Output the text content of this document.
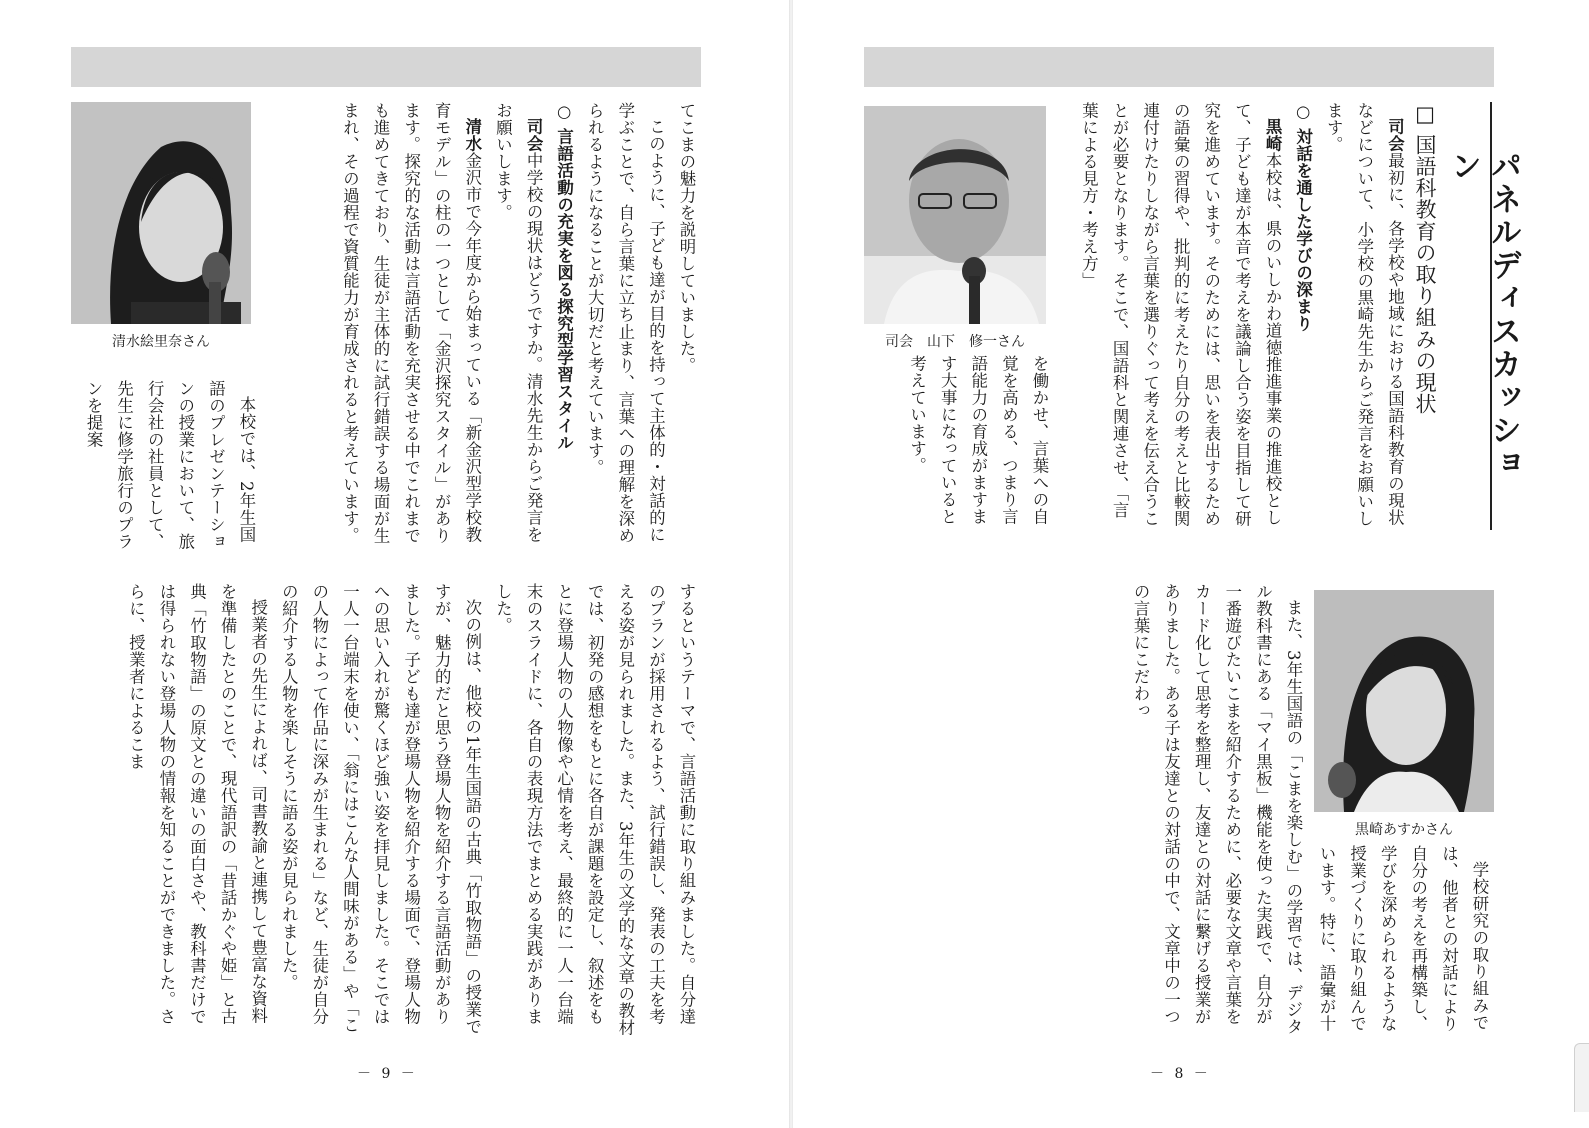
てこまの魅力を説明していました。
このように、子ども達が目的を持って主体的・対話的に学ぶことで、自ら言葉に立ち止まり、言葉への理解を深められるようになることが大切だと考えています。
○ 言語活動の充実を図る探究型学習スタイル
司会中学校の現状はどうですか。清水先生からご発言をお願いします。
清水金沢市で今年度から始まっている「新金沢型学校教育モデル」の柱の一つとして「金沢探究スタイル」があります。探究的な活動は言語活動を充実させる中でこれまでも進めてきており、生徒が主体的に試行錯誤する場面が生まれ、その過程で資質能力が育成されると考えています。
本校では、2年生国語のプレゼンテーションの授業において、旅行会社の社員として、先生に修学旅行のプランを提案
清水絵里奈さん
するというテーマで、言語活動に取り組みました。自分達のプランが採用されるよう、試行錯誤し、発表の工夫を考える姿が見られました。また、3年生の文学的な文章の教材では、初発の感想をもとに各自が課題を設定し、叙述をもとに登場人物の人物像や心情を考え、最終的に一人一台端末のスライドに、各自の表現方法でまとめる実践がありました。
次の例は、他校の1年生国語の古典「竹取物語」の授業ですが、魅力的だと思う登場人物を紹介する言語活動がありました。子ども達が登場人物を紹介する場面で、登場人物への思い入れが驚くほど強い姿を拝見しました。そこでは一人一台端末を使い、「翁にはこんな人間味がある」や「この人物によって作品に深みが生まれる」など、生徒が自分の紹介する人物を楽しそうに語る姿が見られました。
授業者の先生によれば、司書教諭と連携して豊富な資料を準備したとのことで、現代語訳の「昔話かぐや姫」と古典「竹取物語」の原文との違いの面白さや、教科書だけでは得られない登場人物の情報を知ることができました。さらに、授業者によるこま
－ 9 －
パネルディスカッション
□ 国語科教育の取り組みの現状
司会最初に、各学校や地域における国語科教育の現状などについて、小学校の黒崎先生からご発言をお願いします。
○ 対話を通した学びの深まり
黒崎本校は、県のいしかわ道徳推進事業の推進校として、子ども達が本音で考えを議論し合う姿を目指して研究を進めています。そのためには、思いを表出するための語彙の習得や、批判的に考えたり自分の考えと比較関連付けたりしながら言葉を選りぐって考えを伝え合うことが必要となります。そこで、国語科と関連させ、「言葉による見方・考え方」
を働かせ、言葉への自覚を高める、つまり言語能力の育成がますます大事になっていると考えています。
司会　山下　修一さん
また、3年生国語の「こまを楽しむ」の学習では、デジタル教科書にある「マイ黒板」機能を使った実践で、自分が一番遊びたいこまを紹介するために、必要な文章や言葉をカード化して思考を整理し、友達との対話に繋げる授業がありました。ある子は友達との対話の中で、文章中の一つの言葉にこだわっ
学校研究の取り組みでは、他者との対話により自分の考えを再構築し、学びを深められるような授業づくりに取り組んでいます。特に、語彙が十
黒崎あすかさん
－ 8 －
